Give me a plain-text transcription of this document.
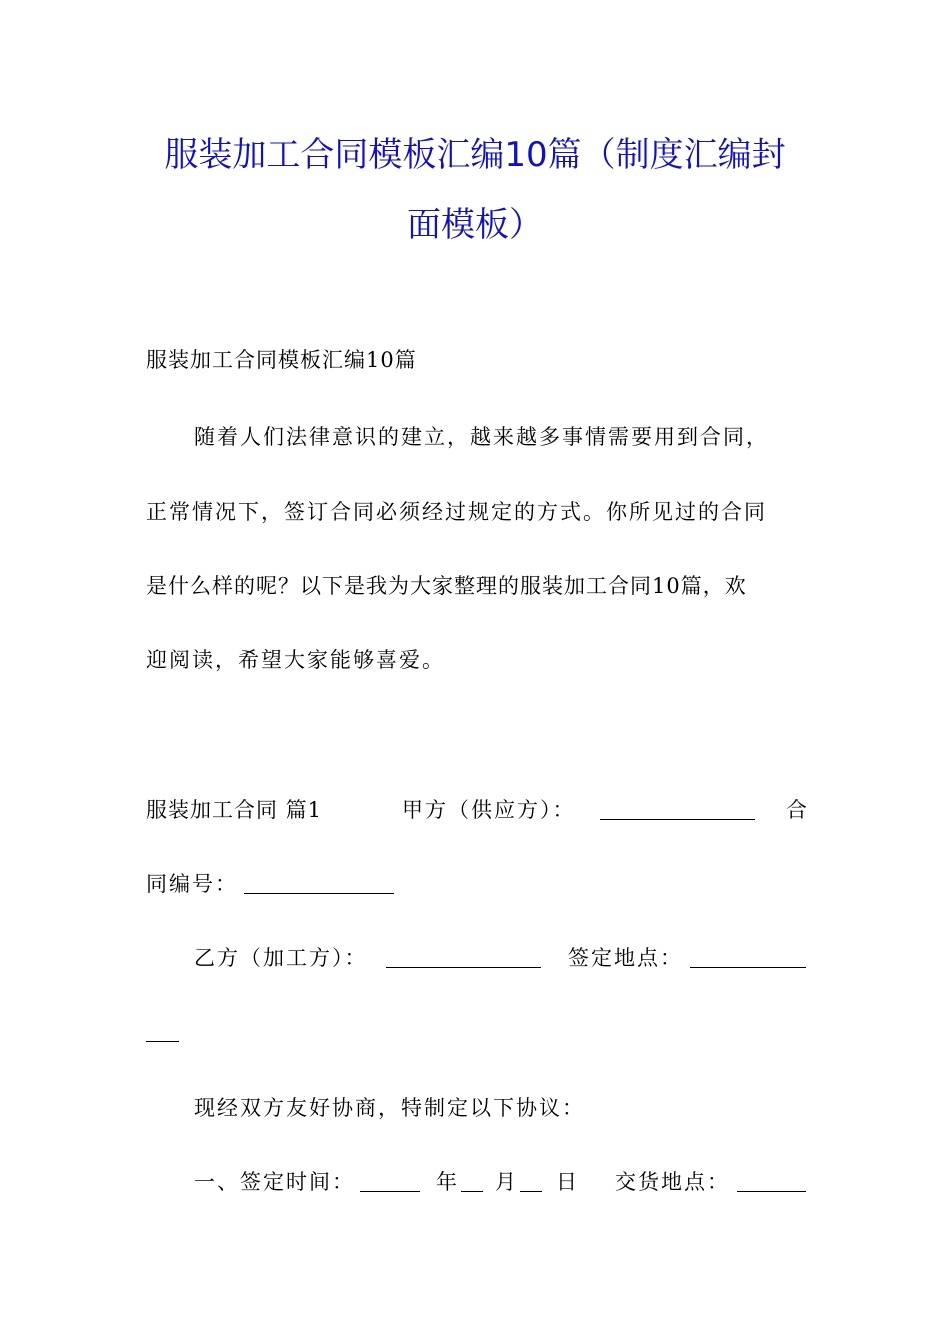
服装加工合同模板汇编10篇（制度汇编封
面模板）
服装加工合同模板汇编10篇
随着人们法律意识的建立，越来越多事情需要用到合同，
正常情况下，签订合同必须经过规定的方式。你所见过的合同
是什么样的呢？以下是我为大家整理的服装加工合同10篇，欢
迎阅读，希望大家能够喜爱。
服装加工合同 篇1	甲方（供应方）：	合
同编号：
乙方（加工方）：	签定地点：
现经双方友好协商，特制定以下协议：
一、签定时间：	年 月 日 交货地点：
